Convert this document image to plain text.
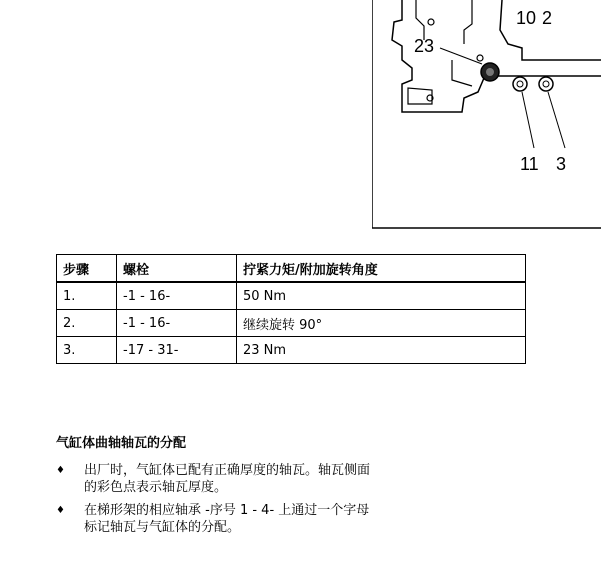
10 2
23
11 3
步骤	螺栓	拧紧力矩/附加旋转角度
1.	-1 - 16-	50 Nm
2.	-1 - 16-	继续旋转 90°
3.	-17 - 31-	23 Nm
气缸体曲轴轴瓦的分配
♦ 出厂时，气缸体已配有正确厚度的轴瓦。轴瓦侧面的彩色点表示轴瓦厚度。
♦ 在梯形架的相应轴承 -序号 1 - 4- 上通过一个字母标记轴瓦与气缸体的分配。
